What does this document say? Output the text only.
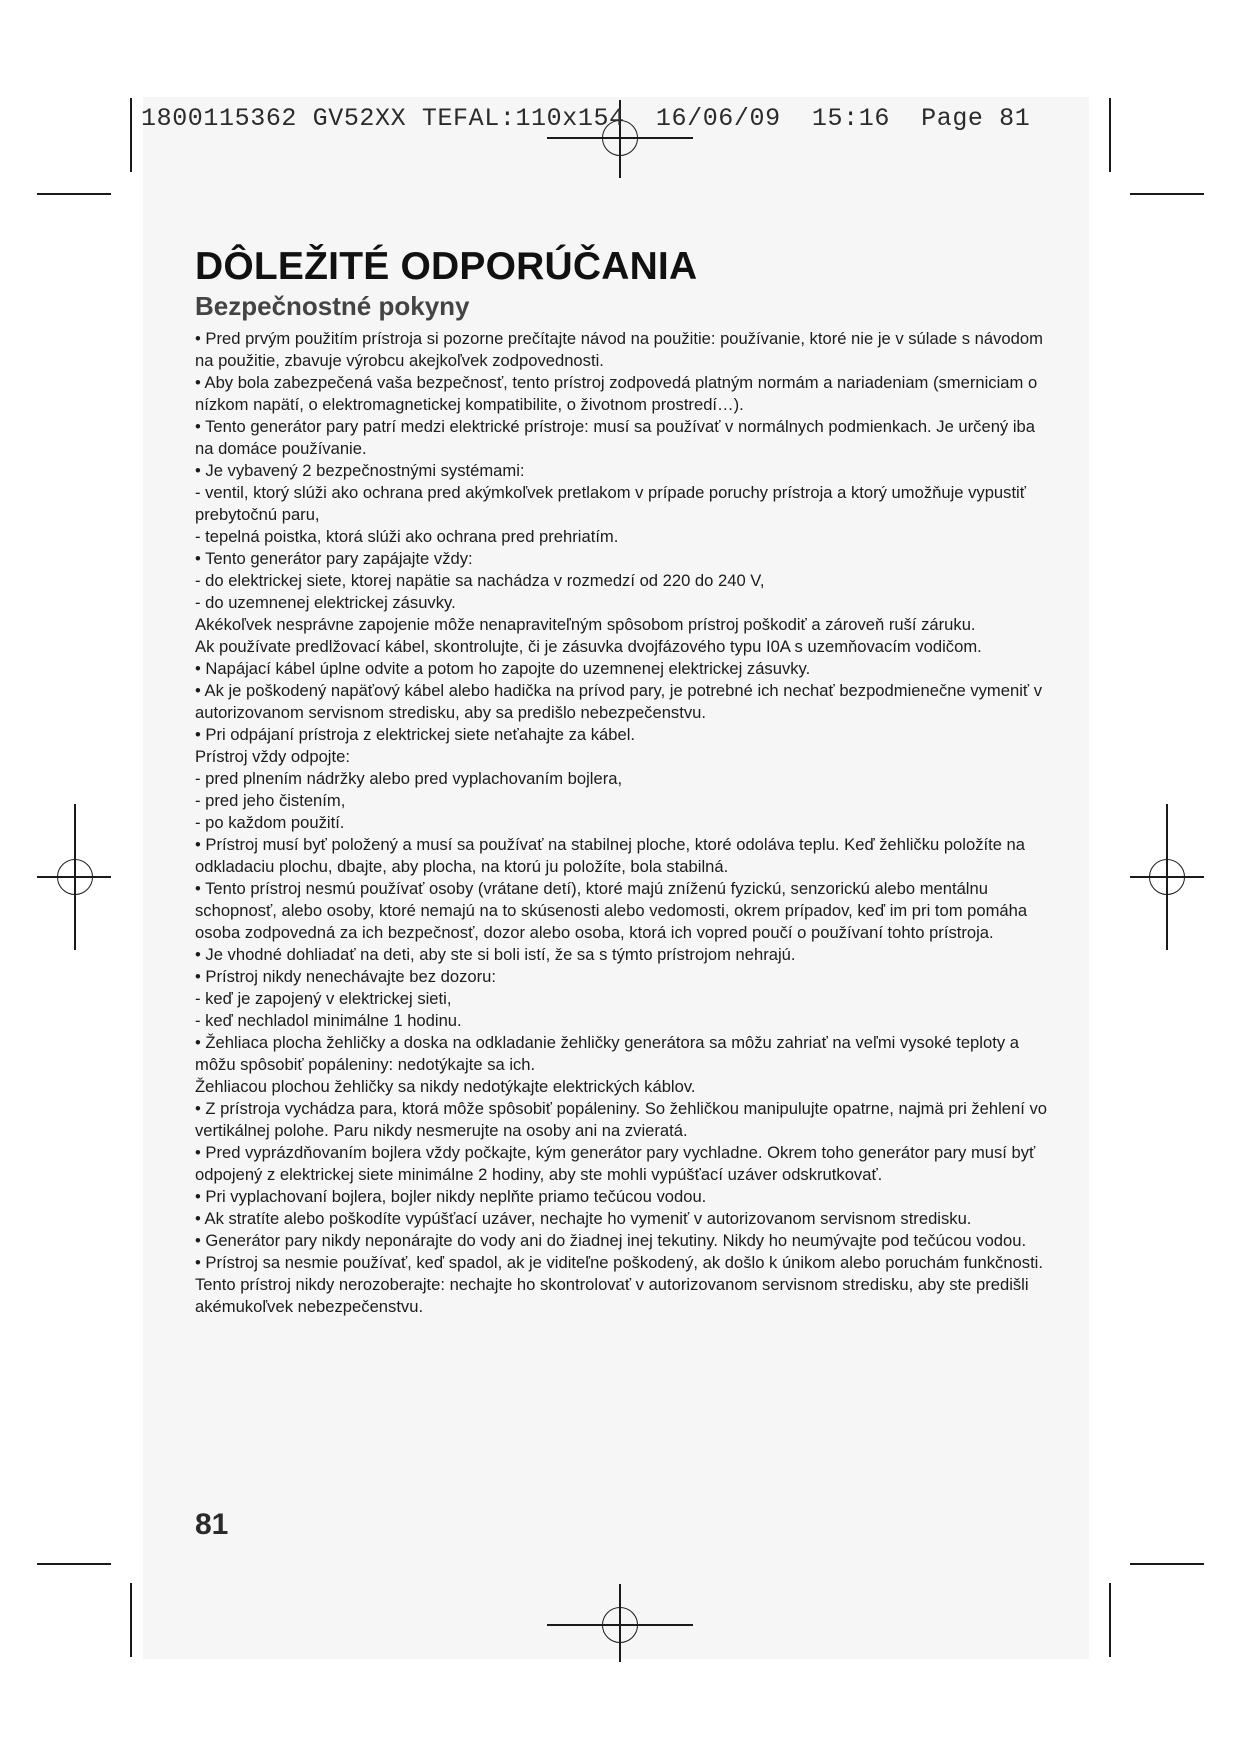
1800115362 GV52XX TEFAL:110x154  16/06/09  15:16  Page 81
DÔLEŽITÉ ODPORÚČANIA
Bezpečnostné pokyny

• Pred prvým použitím prístroja si pozorne prečítajte návod na použitie: používanie, ktoré nie je v súlade s návodom na použitie, zbavuje výrobcu akejkoľvek zodpovednosti.

• Aby bola zabezpečená vaša bezpečnosť, tento prístroj zodpovedá platným normám a nariadeniam (smerniciam o nízkom napätí, o elektromagnetickej kompatibilite, o životnom prostredí…).

• Tento generátor pary patrí medzi elektrické prístroje: musí sa používať v normálnych podmienkach. Je určený iba na domáce používanie.

• Je vybavený 2 bezpečnostnými systémami:

- ventil, ktorý slúži ako ochrana pred akýmkoľvek pretlakom v prípade poruchy prístroja a ktorý umožňuje vypustiť prebytočnú paru,

- tepelná poistka, ktorá slúži ako ochrana pred prehriatím.

• Tento generátor pary zapájajte vždy:

- do elektrickej siete, ktorej napätie sa nachádza v rozmedzí od 220 do 240 V,

- do uzemnenej elektrickej zásuvky.

Akékoľvek nesprávne zapojenie môže nenapraviteľným spôsobom prístroj poškodiť a zároveň ruší záruku.

Ak používate predlžovací kábel, skontrolujte, či je zásuvka dvojfázového typu I0A s uzemňovacím vodičom.

• Napájací kábel úplne odvite a potom ho zapojte do uzemnenej elektrickej zásuvky.

• Ak je poškodený napäťový kábel alebo hadička na prívod pary, je potrebné ich nechať bezpodmienečne vymeniť v autorizovanom servisnom stredisku, aby sa predišlo nebezpečenstvu.

• Pri odpájaní prístroja z elektrickej siete neťahajte za kábel.

Prístroj vždy odpojte:

- pred plnením nádržky alebo pred vyplachovaním bojlera,

- pred jeho čistením,

- po každom použití.

• Prístroj musí byť položený a musí sa používať na stabilnej ploche, ktoré odoláva teplu. Keď žehličku položíte na odkladaciu plochu, dbajte, aby plocha, na ktorú ju položíte, bola stabilná.

• Tento prístroj nesmú používať osoby (vrátane detí), ktoré majú zníženú fyzickú, senzorickú alebo mentálnu schopnosť, alebo osoby, ktoré nemajú na to skúsenosti alebo vedomosti, okrem prípadov, keď im pri tom pomáha osoba zodpovedná za ich bezpečnosť, dozor alebo osoba, ktorá ich vopred poučí o používaní tohto prístroja.

• Je vhodné dohliadať na deti, aby ste si boli istí, že sa s týmto prístrojom nehrajú.

• Prístroj nikdy nenechávajte bez dozoru:

- keď je zapojený v elektrickej sieti,

- keď nechladol minimálne 1 hodinu.

• Žehliaca plocha žehličky a doska na odkladanie žehličky generátora sa môžu zahriať na veľmi vysoké teploty a môžu spôsobiť popáleniny: nedotýkajte sa ich.

Žehliacou plochou žehličky sa nikdy nedotýkajte elektrických káblov.

• Z prístroja vychádza para, ktorá môže spôsobiť popáleniny. So žehličkou manipulujte opatrne, najmä pri žehlení vo vertikálnej polohe. Paru nikdy nesmerujte na osoby ani na zvieratá.

• Pred vyprázdňovaním bojlera vždy počkajte, kým generátor pary vychladne. Okrem toho generátor pary musí byť odpojený z elektrickej siete minimálne 2 hodiny, aby ste mohli vypúšťací uzáver odskrutkovať.

• Pri vyplachovaní bojlera, bojler nikdy neplňte priamo tečúcou vodou.

• Ak stratíte alebo poškodíte vypúšťací uzáver, nechajte ho vymeniť v autorizovanom servisnom stredisku.

• Generátor pary nikdy neponárajte do vody ani do žiadnej inej tekutiny. Nikdy ho neumývajte pod tečúcou vodou.

• Prístroj sa nesmie používať, keď spadol, ak je viditeľne poškodený, ak došlo k únikom alebo poruchám funkčnosti. Tento prístroj nikdy nerozoberajte: nechajte ho skontrolovať v autorizovanom servisnom stredisku, aby ste predišli akémukoľvek nebezpečenstvu.

81
